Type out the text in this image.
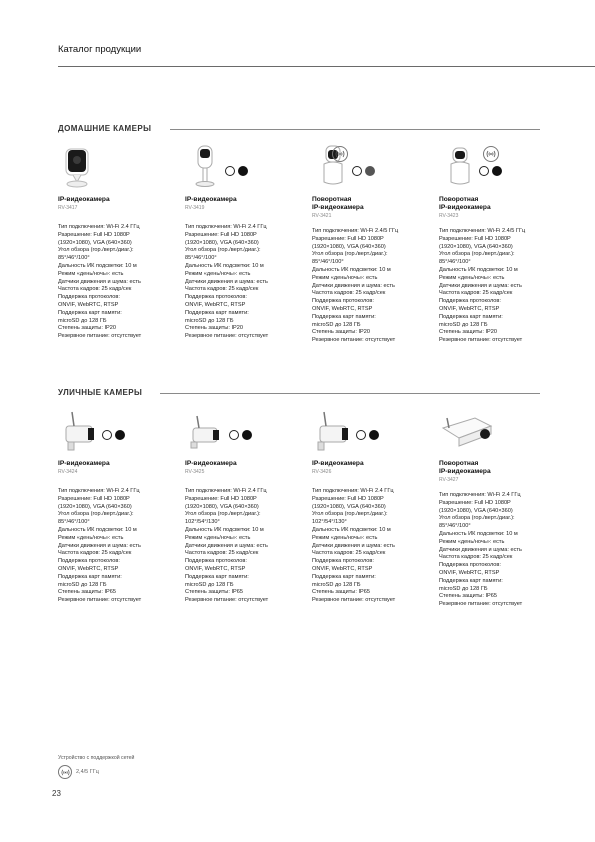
Каталог продукции
ДОМАШНИЕ КАМЕРЫ
IP-видеокамера
RV-3417
Тип подключения: Wi-Fi 2.4 ГГц
Разрешение: Full HD 1080P
(1920×1080), VGA (640×360)
Угол обзора (гор./верт./диаг.):
85°/46°/100°
Дальность ИК подсветки: 10 м
Режим «день/ночь»: есть
Датчики движения и шума: есть
Частота кадров: 25 кадр/сек
Поддержка протоколов:
ONVIF, WebRTC, RTSP
Поддержка карт памяти:
microSD до 128 ГБ
Степень защиты: IP20
Резервное питание: отсутствует
IP-видеокамера
RV-3419
Тип подключения: Wi-Fi 2.4 ГГц
Разрешение: Full HD 1080P
(1920×1080), VGA (640×360)
Угол обзора (гор./верт./диаг.):
85°/46°/100°
Дальность ИК подсветки: 10 м
Режим «день/ночь»: есть
Датчики движения и шума: есть
Частота кадров: 25 кадр/сек
Поддержка протоколов:
ONVIF, WebRTC, RTSP
Поддержка карт памяти:
microSD до 128 ГБ
Степень защиты: IP20
Резервное питание: отсутствует
Поворотная
IP-видеокамера
RV-3421
Тип подключения: Wi-Fi 2.4/5 ГГц
Разрешение: Full HD 1080P
(1920×1080), VGA (640×360)
Угол обзора (гор./верт./диаг.):
85°/46°/100°
Дальность ИК подсветки: 10 м
Режим «день/ночь»: есть
Датчики движения и шума: есть
Частота кадров: 25 кадр/сек
Поддержка протоколов:
ONVIF, WebRTC, RTSP
Поддержка карт памяти:
microSD до 128 ГБ
Степень защиты: IP20
Резервное питание: отсутствует
Поворотная
IP-видеокамера
RV-3423
Тип подключения: Wi-Fi 2.4/5 ГГц
Разрешение: Full HD 1080P
(1920×1080), VGA (640×360)
Угол обзора (гор./верт./диаг.):
85°/46°/100°
Дальность ИК подсветки: 10 м
Режим «день/ночь»: есть
Датчики движения и шума: есть
Частота кадров: 25 кадр/сек
Поддержка протоколов:
ONVIF, WebRTC, RTSP
Поддержка карт памяти:
microSD до 128 ГБ
Степень защиты: IP20
Резервное питание: отсутствует
УЛИЧНЫЕ КАМЕРЫ
IP-видеокамера
RV-3424
Тип подключения: Wi-Fi 2.4 ГГц
Разрешение: Full HD 1080P
(1920×1080), VGA (640×360)
Угол обзора (гор./верт./диаг.):
85°/46°/100°
Дальность ИК подсветки: 10 м
Режим «день/ночь»: есть
Датчики движения и шума: есть
Частота кадров: 25 кадр/сек
Поддержка протоколов:
ONVIF, WebRTC, RTSP
Поддержка карт памяти:
microSD до 128 ГБ
Степень защиты: IP65
Резервное питание: отсутствует
IP-видеокамера
RV-3425
Тип подключения: Wi-Fi 2.4 ГГц
Разрешение: Full HD 1080P
(1920×1080), VGA (640×360)
Угол обзора (гор./верт./диаг.):
102°/54°/130°
Дальность ИК подсветки: 10 м
Режим «день/ночь»: есть
Датчики движения и шума: есть
Частота кадров: 25 кадр/сек
Поддержка протоколов:
ONVIF, WebRTC, RTSP
Поддержка карт памяти:
microSD до 128 ГБ
Степень защиты: IP65
Резервное питание: отсутствует
IP-видеокамера
RV-3426
Тип подключения: Wi-Fi 2.4 ГГц
Разрешение: Full HD 1080P
(1920×1080), VGA (640×360)
Угол обзора (гор./верт./диаг.):
102°/54°/130°
Дальность ИК подсветки: 10 м
Режим «день/ночь»: есть
Датчики движения и шума: есть
Частота кадров: 25 кадр/сек
Поддержка протоколов:
ONVIF, WebRTC, RTSP
Поддержка карт памяти:
microSD до 128 ГБ
Степень защиты: IP65
Резервное питание: отсутствует
Поворотная
IP-видеокамера
RV-3427
Тип подключения: Wi-Fi 2.4 ГГц
Разрешение: Full HD 1080P
(1920×1080), VGA (640×360)
Угол обзора (гор./верт./диаг.):
85°/46°/100°
Дальность ИК подсветки: 10 м
Режим «день/ночь»: есть
Датчики движения и шума: есть
Частота кадров: 25 кадр/сек
Поддержка протоколов:
ONVIF, WebRTC, RTSP
Поддержка карт памяти:
microSD до 128 ГБ
Степень защиты: IP65
Резервное питание: отсутствует
Устройство с поддержкой сетей
2,4/5 ГГц
23
